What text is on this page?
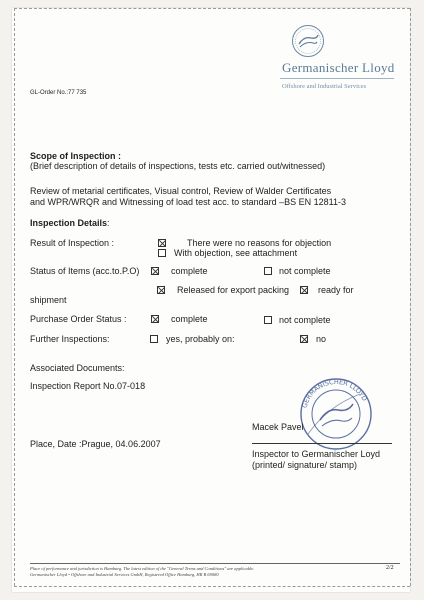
Germanischer Lloyd
Offshore and Industrial Services
GL-Order No.:77 735
Scope of Inspection :
(Brief description of details of inspections, tests etc. carried out/witnessed)
Review of metarial certificates, Visual control, Review of Walder Certificates
and WPR/WRQR and Witnessing of load test acc. to standard –BS EN 12811-3
Inspection Details:
Result of Inspection :	There were no reasons for objection
With objection, see attachment
Status of Items (acc.to.P.O)	complete	not complete
Released for export packing	ready for
shipment
Purchase Order Status :	complete	not complete
Further Inspections:	yes, probably on:	no
Associated Documents:
Inspection Report No.07-018
GERMANISCHER LLOYD
Macek Pavel
Place, Date :Prague, 04.06.2007
Inspector to Germanischer Loyd
(printed/ signature/ stamp)
Place of performance and jurisdiction is Hamburg. The latest edition of the "General Terms and Conditions" are applicable.
Germanischer Lloyd • Offshore and Industrial Services GmbH, Registered Office Hamburg, HR B 69080
2/2
